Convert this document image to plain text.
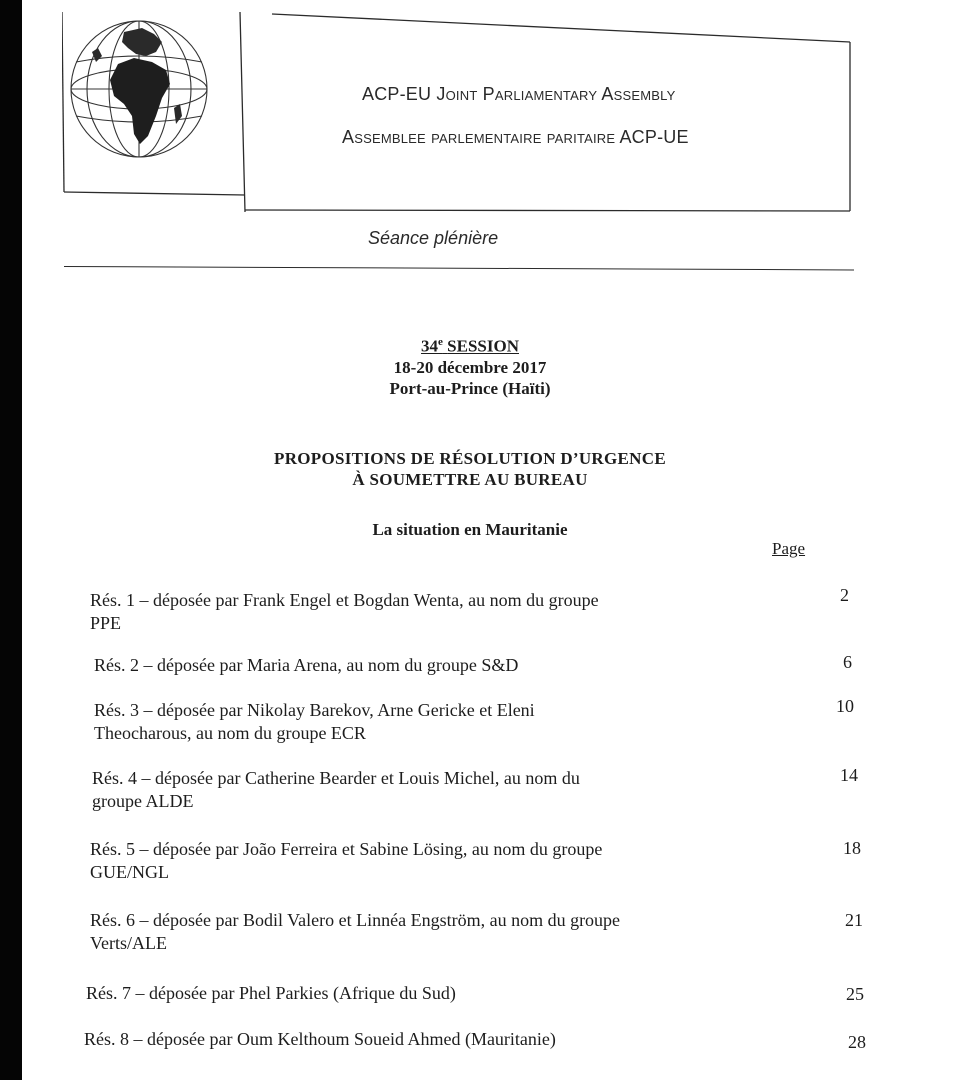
ACP-EU Joint Parliamentary Assembly
Assemblee parlementaire paritaire ACP-UE
Séance plénière
34e SESSION
18-20 décembre 2017
Port-au-Prince (Haïti)
PROPOSITIONS DE RÉSOLUTION D’URGENCE
À SOUMETTRE AU BUREAU
La situation en Mauritanie
Page
Rés. 1 – déposée par Frank Engel et Bogdan Wenta, au nom du groupe
PPE
2
Rés. 2 – déposée par Maria Arena, au nom du groupe S&D	6
Rés. 3 – déposée par Nikolay Barekov, Arne Gericke et Eleni
Theocharous, au nom du groupe ECR
10
Rés. 4 – déposée par Catherine Bearder et Louis Michel, au nom du
groupe ALDE
14
Rés. 5 – déposée par João Ferreira et Sabine Lösing, au nom du groupe
GUE/NGL
18
Rés. 6 – déposée par Bodil Valero et Linnéa Engström, au nom du groupe
Verts/ALE
21
Rés. 7 – déposée par Phel Parkies (Afrique du Sud)	25
Rés. 8 – déposée par Oum Kelthoum Soueid Ahmed (Mauritanie)	28
